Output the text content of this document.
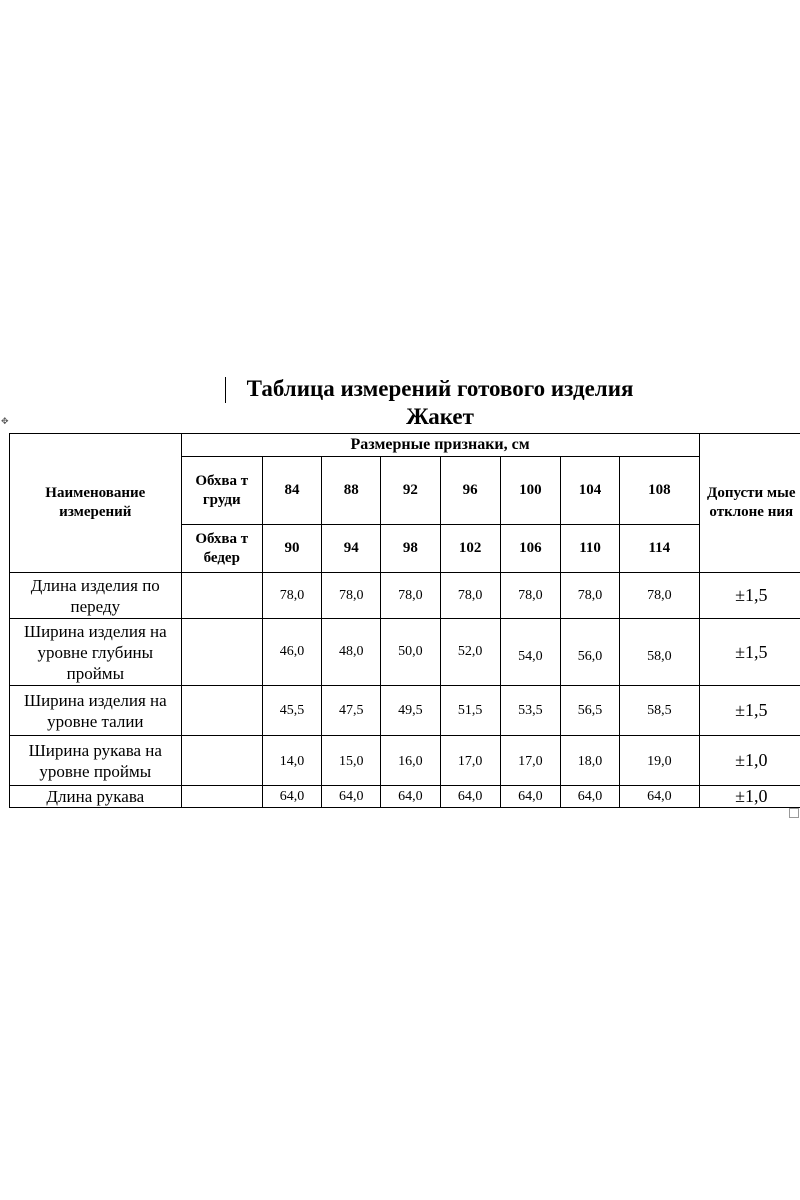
Таблица измерений готового изделия
Жакет
✥
Наименование измерений	Размерные признаки, см								Допусти мые отклоне ния
	Обхва т груди	84	88	92	96	100	104	108	
	Обхва т бедер	90	94	98	102	106	110	114	
Длина изделия по переду		78,0	78,0	78,0	78,0	78,0	78,0	78,0	±1,5
Ширина изделия на уровне глубины проймы		46,0	48,0	50,0	52,0	54,0	56,0	58,0	±1,5
Ширина изделия на уровне талии		45,5	47,5	49,5	51,5	53,5	56,5	58,5	±1,5
Ширина рукава на уровне проймы		14,0	15,0	16,0	17,0	17,0	18,0	19,0	±1,0
Длина рукава		64,0	64,0	64,0	64,0	64,0	64,0	64,0	±1,0
